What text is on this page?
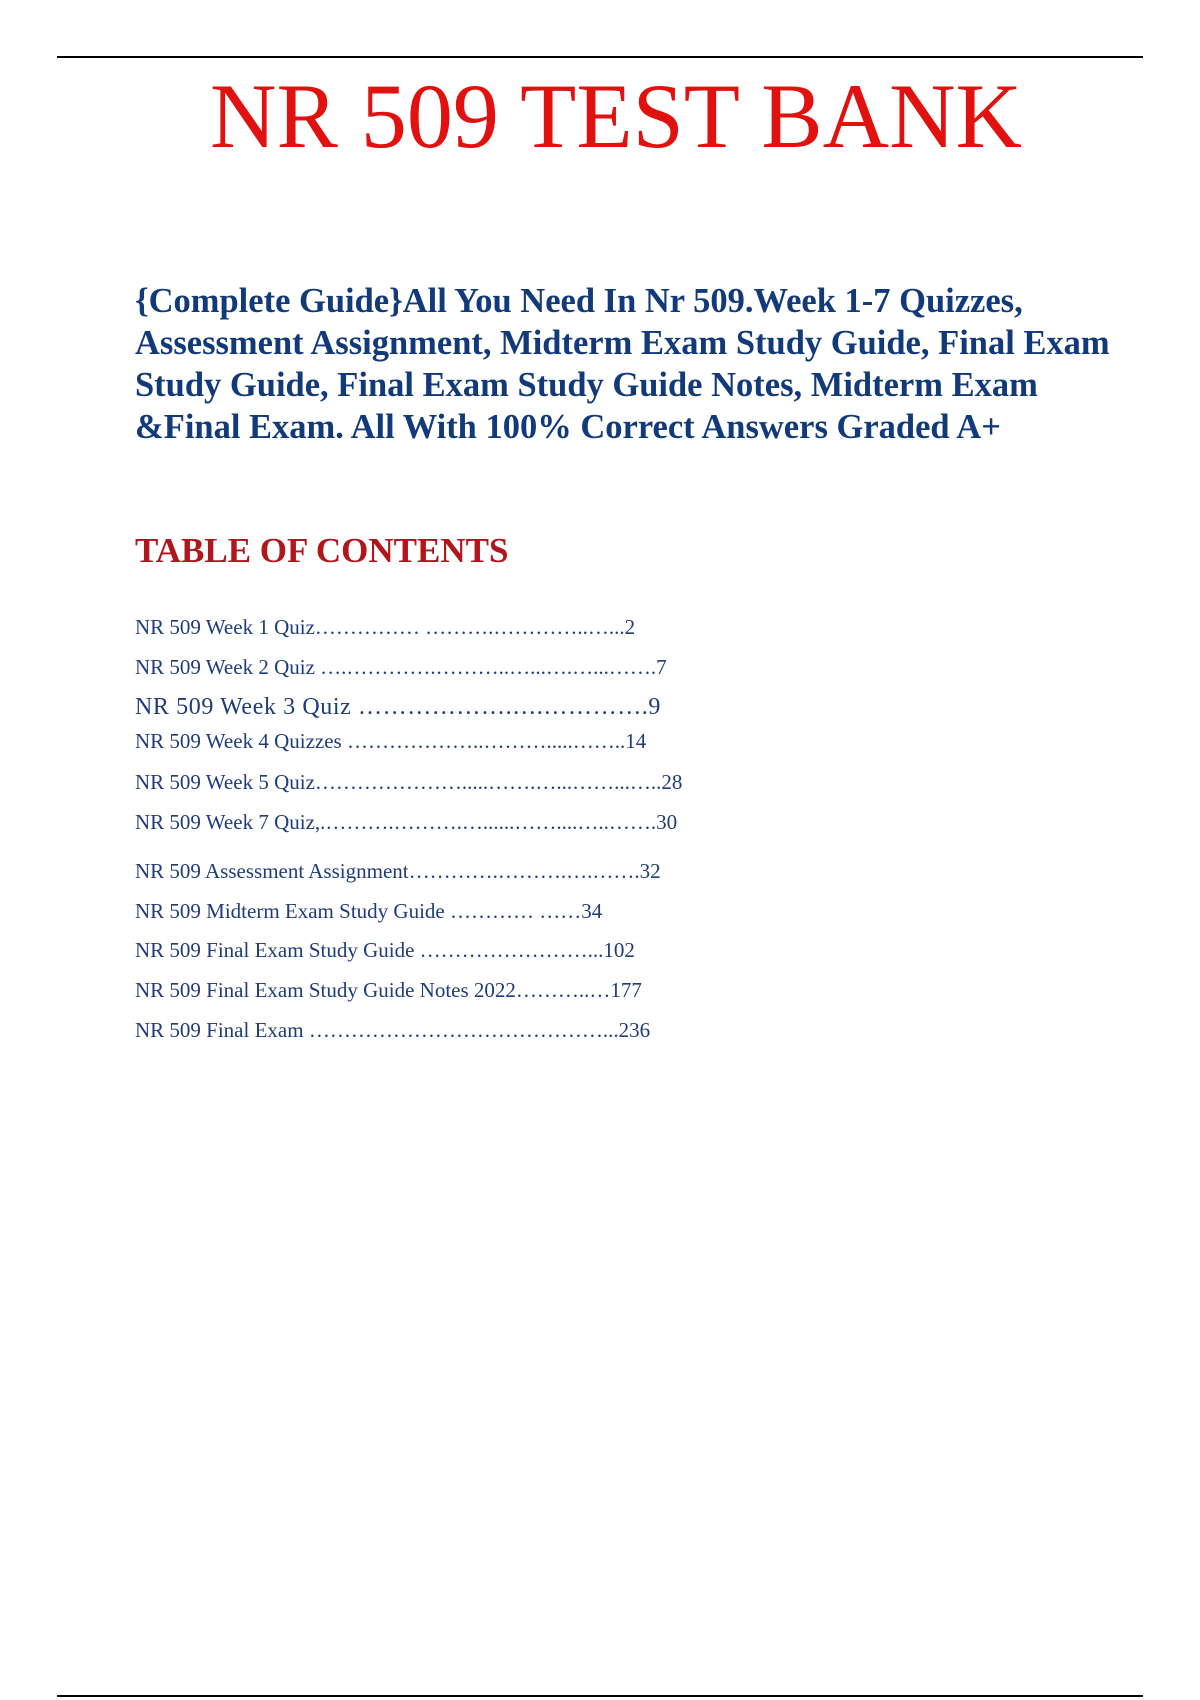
NR 509 TEST BANK

{Complete Guide}All You Need In Nr 509.Week 1-7 Quizzes, Assessment Assignment, Midterm Exam Study Guide, Final Exam Study Guide, Final Exam Study Guide Notes, Midterm Exam &Final Exam. All With 100% Correct Answers Graded A+

TABLE OF CONTENTS

NR 509 Week 1 Quiz…………… ……….…………..…...2

NR 509 Week 2 Quiz ….………….………..…...….…...…….7

NR 509 Week 3 Quiz ……………….….………….9

NR 509 Week 4 Quizzes ………………..……….....……..14

NR 509 Week 5 Quiz………………….....…….…...……...…..28

NR 509 Week 7 Quiz,.……….……….…......……....…..…….30

NR 509 Assessment Assignment………….……….….…….32

NR 509 Midterm Exam Study Guide ………… ……34

NR 509 Final Exam Study Guide ……………………...102

NR 509 Final Exam Study Guide Notes 2022………..…177

NR 509 Final Exam ……………………………………...236
